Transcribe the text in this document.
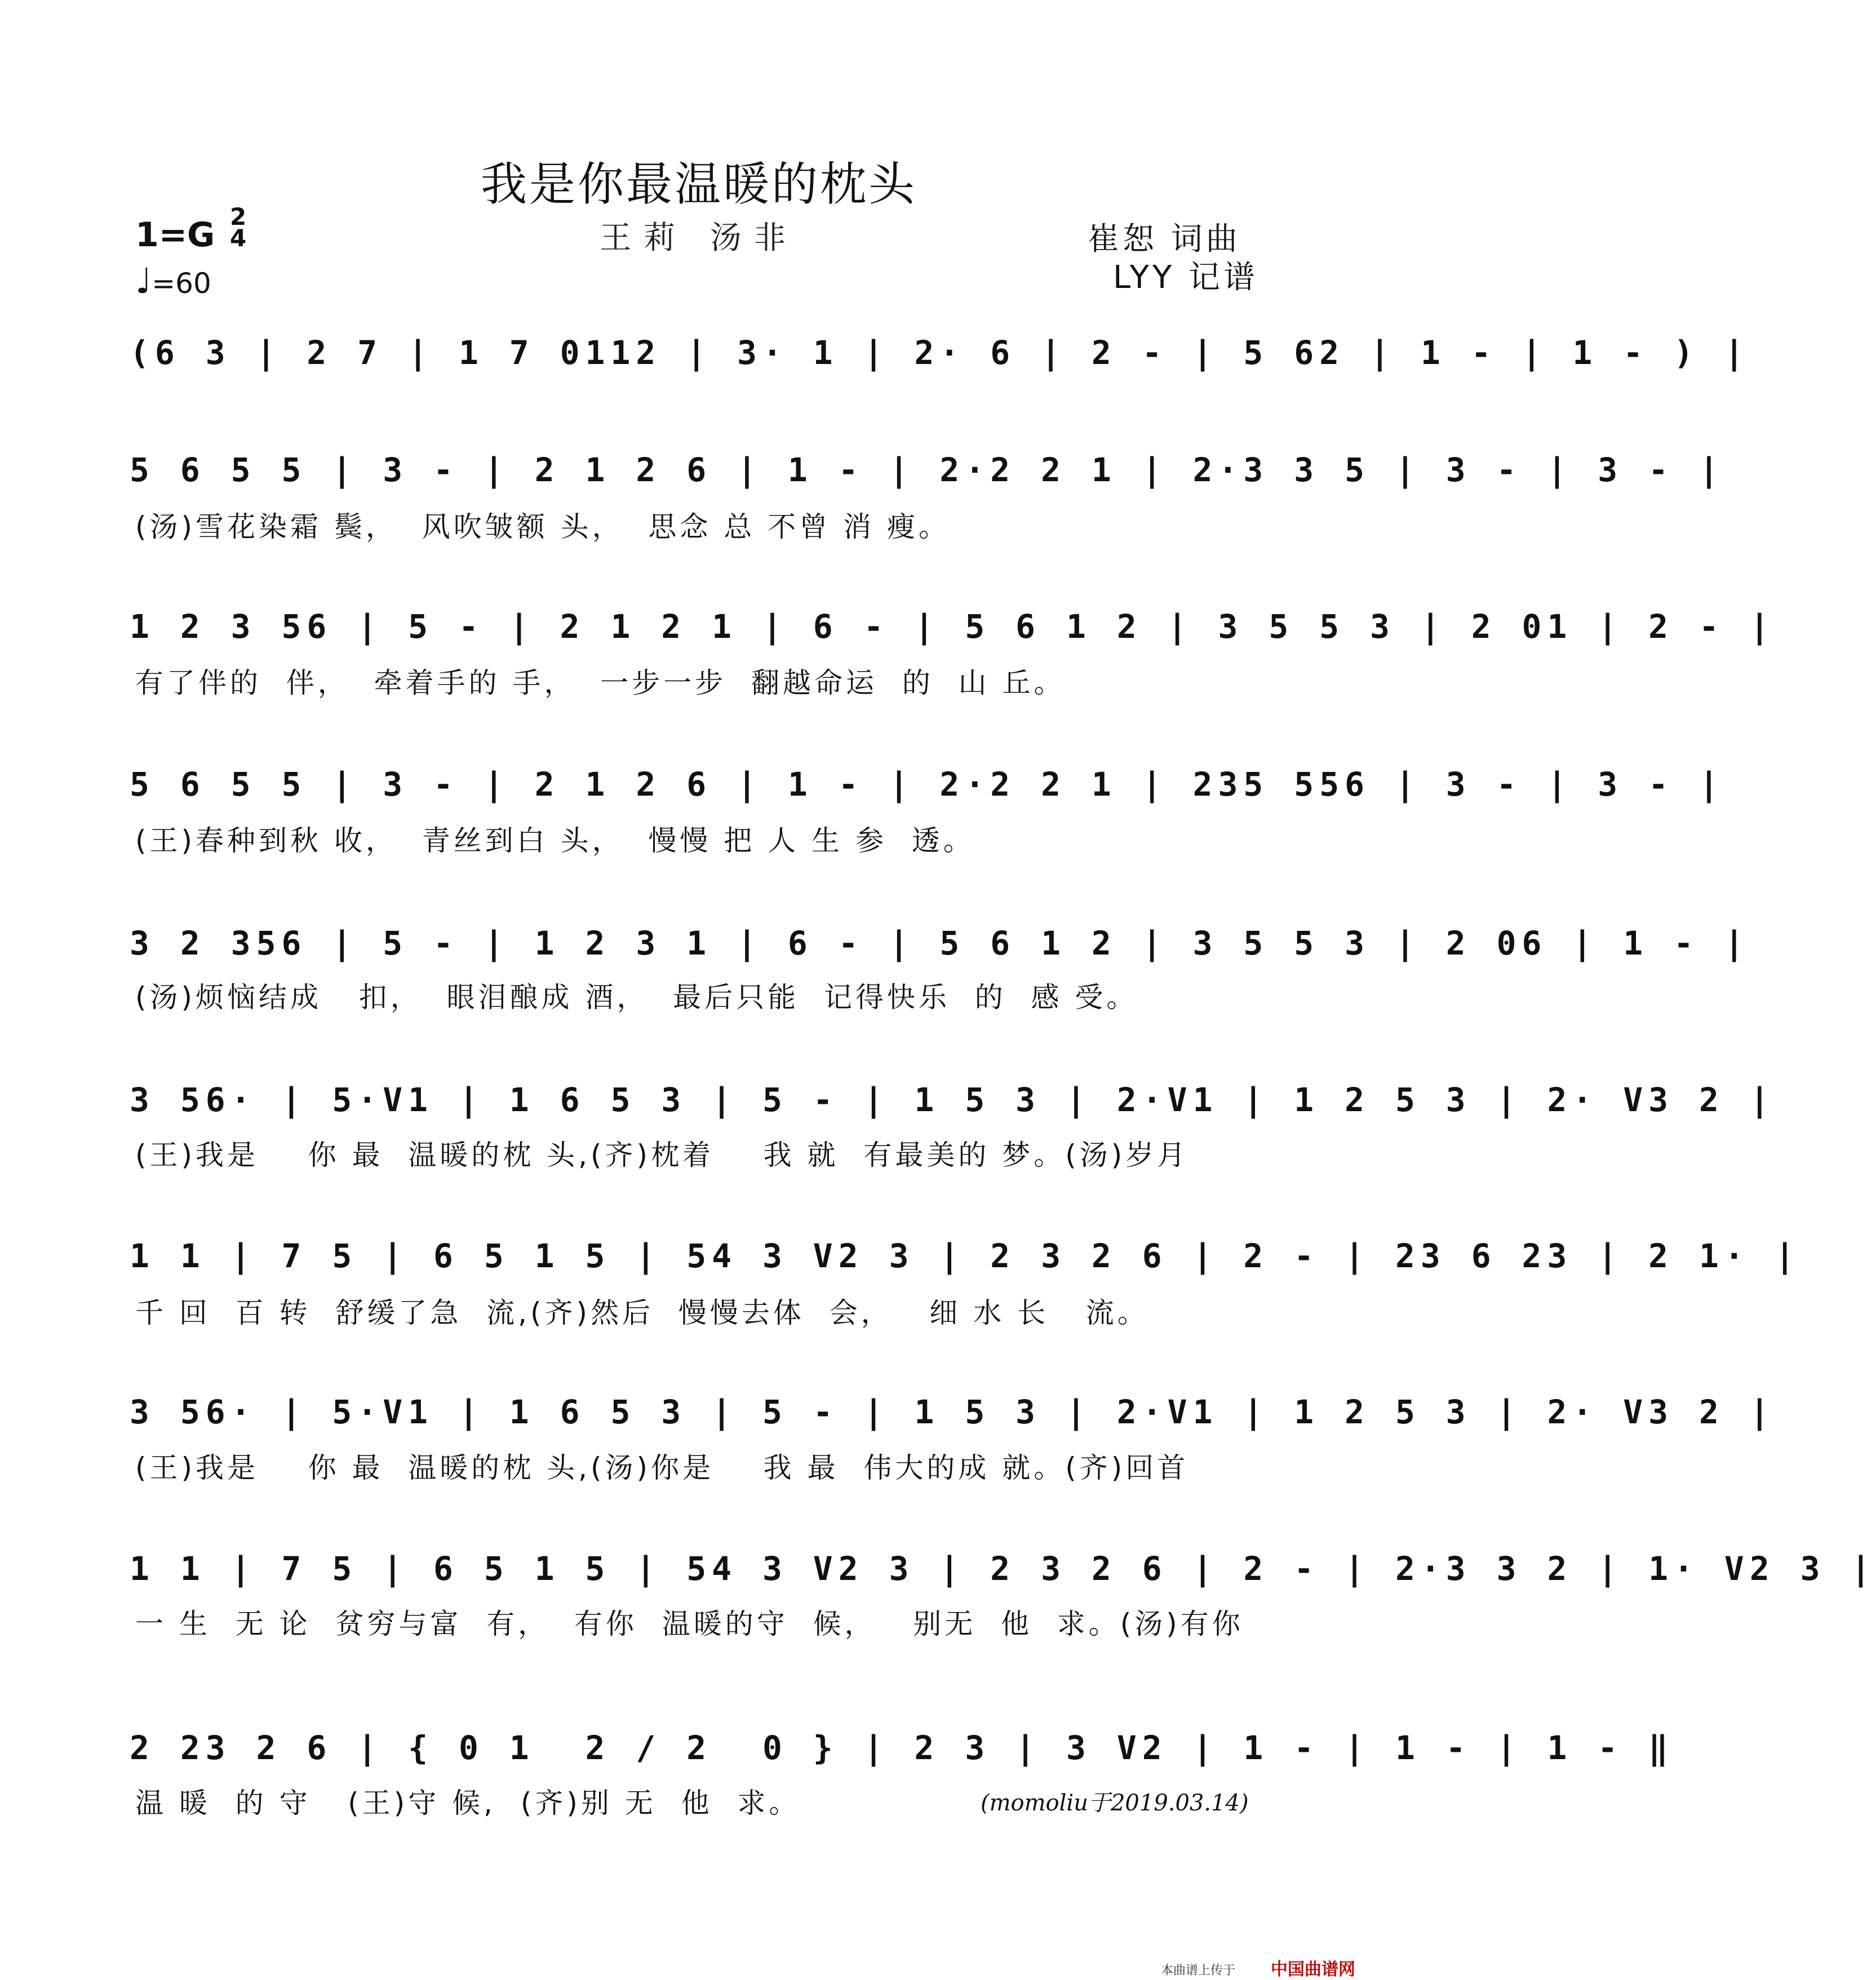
我是你最温暖的枕头
王莉 汤非
1=G 2
4
♩=60
崔恕 词曲
LYY 记谱
(6 3 | 2 7 | 1 7 0112 | 3· 1 | 2· 6 | 2 - | 5 62 | 1 - | 1 - ) |
5 6 5 5 | 3 - | 2 1 2 6 | 1 - | 2·2 2 1 | 2·3 3 5 | 3 - | 3 - |
(汤)雪花染霜 鬓，  风吹皱额 头，  思念 总 不曾 消 瘦。
1 2 3 56 | 5 - | 2 1 2 1 | 6 - | 5 6 1 2 | 3 5 5 3 | 2 01 | 2 - |
有了伴的  伴，  牵着手的 手，  一步一步  翻越命运  的  山 丘。
5 6 5 5 | 3 - | 2 1 2 6 | 1 - | 2·2 2 1 | 235 556 | 3 - | 3 - |
(王)春种到秋 收，  青丝到白 头，  慢慢 把 人 生 参  透。
3 2 356 | 5 - | 1 2 3 1 | 6 - | 5 6 1 2 | 3 5 5 3 | 2 06 | 1 - |
(汤)烦恼结成   扣，  眼泪酿成 酒，  最后只能  记得快乐  的  感 受。
3 56· | 5·V1 | 1 6 5 3 | 5 - | 1 5 3 | 2·V1 | 1 2 5 3 | 2· V3 2 |
(王)我是    你 最  温暖的枕 头,(齐)枕着    我 就  有最美的 梦。(汤)岁月
1 1 | 7 5 | 6 5 1 5 | 54 3 V2 3 | 2 3 2 6 | 2 - | 23 6 23 | 2 1· |
千 回  百 转  舒缓了急  流,(齐)然后  慢慢去体  会，   细 水 长   流。
3 56· | 5·V1 | 1 6 5 3 | 5 - | 1 5 3 | 2·V1 | 1 2 5 3 | 2· V3 2 |
(王)我是    你 最  温暖的枕 头,(汤)你是    我 最  伟大的成 就。(齐)回首
1 1 | 7 5 | 6 5 1 5 | 54 3 V2 3 | 2 3 2 6 | 2 - | 2·3 3 2 | 1· V2 3 |
一 生  无 论  贫穷与富  有，  有你  温暖的守  候，   别无  他  求。(汤)有你
2 23 2 6 | { 0 1  2 / 2  0 } | 2 3 | 3 V2 | 1 - | 1 - | 1 - ‖
温 暖  的 守   (王)守 候,  (齐)别 无  他  求。	(momoliu于2019.03.14)
本曲谱上传于 中国曲谱网
